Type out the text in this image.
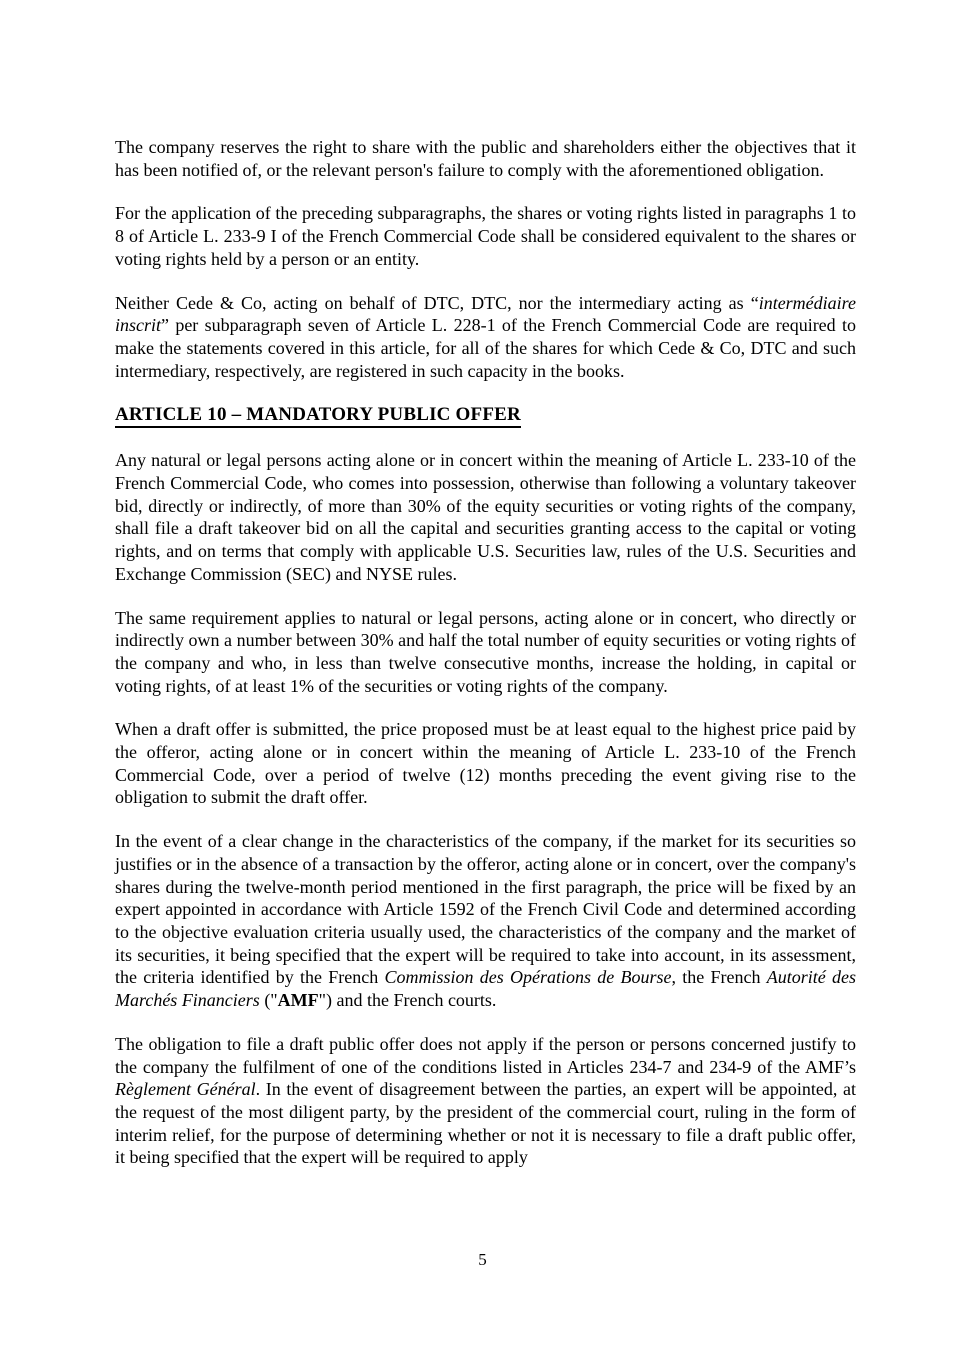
The company reserves the right to share with the public and shareholders either the objectives that it has been notified of, or the relevant person's failure to comply with the aforementioned obligation.

For the application of the preceding subparagraphs, the shares or voting rights listed in paragraphs 1 to 8 of Article L. 233-9 I of the French Commercial Code shall be considered equivalent to the shares or voting rights held by a person or an entity.

Neither Cede & Co, acting on behalf of DTC, DTC, nor the intermediary acting as “intermédiaire inscrit” per subparagraph seven of Article L. 228-1 of the French Commercial Code are required to make the statements covered in this article, for all of the shares for which Cede & Co, DTC and such intermediary, respectively, are registered in such capacity in the books.

ARTICLE 10 – MANDATORY PUBLIC OFFER

Any natural or legal persons acting alone or in concert within the meaning of Article L. 233-10 of the French Commercial Code, who comes into possession, otherwise than following a voluntary takeover bid, directly or indirectly, of more than 30% of the equity securities or voting rights of the company, shall file a draft takeover bid on all the capital and securities granting access to the capital or voting rights, and on terms that comply with applicable U.S. Securities law, rules of the U.S. Securities and Exchange Commission (SEC) and NYSE rules.

The same requirement applies to natural or legal persons, acting alone or in concert, who directly or indirectly own a number between 30% and half the total number of equity securities or voting rights of the company and who, in less than twelve consecutive months, increase the holding, in capital or voting rights, of at least 1% of the securities or voting rights of the company.

When a draft offer is submitted, the price proposed must be at least equal to the highest price paid by the offeror, acting alone or in concert within the meaning of Article L. 233-10 of the French Commercial Code, over a period of twelve (12) months preceding the event giving rise to the obligation to submit the draft offer.

In the event of a clear change in the characteristics of the company, if the market for its securities so justifies or in the absence of a transaction by the offeror, acting alone or in concert, over the company's shares during the twelve-month period mentioned in the first paragraph, the price will be fixed by an expert appointed in accordance with Article 1592 of the French Civil Code and determined according to the objective evaluation criteria usually used, the characteristics of the company and the market of its securities, it being specified that the expert will be required to take into account, in its assessment, the criteria identified by the French Commission des Opérations de Bourse, the French Autorité des Marchés Financiers ("AMF") and the French courts.

The obligation to file a draft public offer does not apply if the person or persons concerned justify to the company the fulfilment of one of the conditions listed in Articles 234-7 and 234-9 of the AMF’s Règlement Général. In the event of disagreement between the parties, an expert will be appointed, at the request of the most diligent party, by the president of the commercial court, ruling in the form of interim relief, for the purpose of determining whether or not it is necessary to file a draft public offer, it being specified that the expert will be required to apply

5
